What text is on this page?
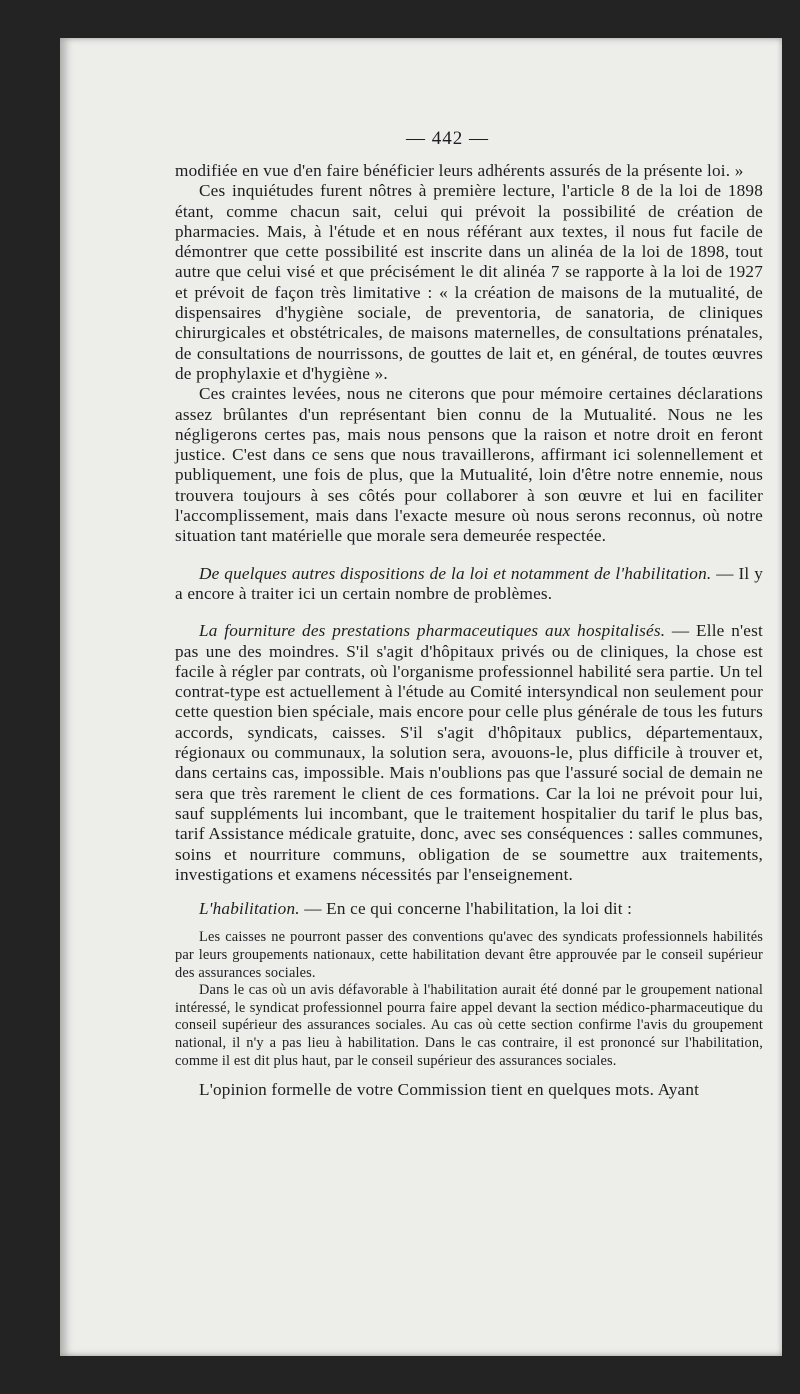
— 442 —

modifiée en vue d'en faire bénéficier leurs adhérents assurés de la présente loi. »

Ces inquiétudes furent nôtres à première lecture, l'article 8 de la loi de 1898 étant, comme chacun sait, celui qui prévoit la possibilité de création de pharmacies. Mais, à l'étude et en nous référant aux textes, il nous fut facile de démontrer que cette possibilité est inscrite dans un alinéa de la loi de 1898, tout autre que celui visé et que précisément le dit alinéa 7 se rapporte à la loi de 1927 et prévoit de façon très limitative : « la création de maisons de la mutualité, de dispensaires d'hygiène sociale, de preventoria, de sanatoria, de cliniques chirurgicales et obstétricales, de maisons maternelles, de consultations prénatales, de consultations de nourrissons, de gouttes de lait et, en général, de toutes œuvres de prophylaxie et d'hygiène ».

Ces craintes levées, nous ne citerons que pour mémoire certaines déclarations assez brûlantes d'un représentant bien connu de la Mutualité. Nous ne les négligerons certes pas, mais nous pensons que la raison et notre droit en feront justice. C'est dans ce sens que nous travaillerons, affirmant ici solennellement et publiquement, une fois de plus, que la Mutualité, loin d'être notre ennemie, nous trouvera toujours à ses côtés pour collaborer à son œuvre et lui en faciliter l'accomplissement, mais dans l'exacte mesure où nous serons reconnus, où notre situation tant matérielle que morale sera demeurée respectée.

De quelques autres dispositions de la loi et notamment de l'habilitation. — Il y a encore à traiter ici un certain nombre de problèmes.

La fourniture des prestations pharmaceutiques aux hospitalisés. — Elle n'est pas une des moindres. S'il s'agit d'hôpitaux privés ou de cliniques, la chose est facile à régler par contrats, où l'organisme professionnel habilité sera partie. Un tel contrat-type est actuellement à l'étude au Comité intersyndical non seulement pour cette question bien spéciale, mais encore pour celle plus générale de tous les futurs accords, syndicats, caisses. S'il s'agit d'hôpitaux publics, départementaux, régionaux ou communaux, la solution sera, avouons-le, plus difficile à trouver et, dans certains cas, impossible. Mais n'oublions pas que l'assuré social de demain ne sera que très rarement le client de ces formations. Car la loi ne prévoit pour lui, sauf suppléments lui incombant, que le traitement hospitalier du tarif le plus bas, tarif Assistance médicale gratuite, donc, avec ses conséquences : salles communes, soins et nourriture communs, obligation de se soumettre aux traitements, investigations et examens nécessités par l'enseignement.

L'habilitation. — En ce qui concerne l'habilitation, la loi dit :

Les caisses ne pourront passer des conventions qu'avec des syndicats professionnels habilités par leurs groupements nationaux, cette habilitation devant être approuvée par le conseil supérieur des assurances sociales.

Dans le cas où un avis défavorable à l'habilitation aurait été donné par le groupement national intéressé, le syndicat professionnel pourra faire appel devant la section médico-pharmaceutique du conseil supérieur des assurances sociales. Au cas où cette section confirme l'avis du groupement national, il n'y a pas lieu à habilitation. Dans le cas contraire, il est prononcé sur l'habilitation, comme il est dit plus haut, par le conseil supérieur des assurances sociales.

L'opinion formelle de votre Commission tient en quelques mots. Ayant
